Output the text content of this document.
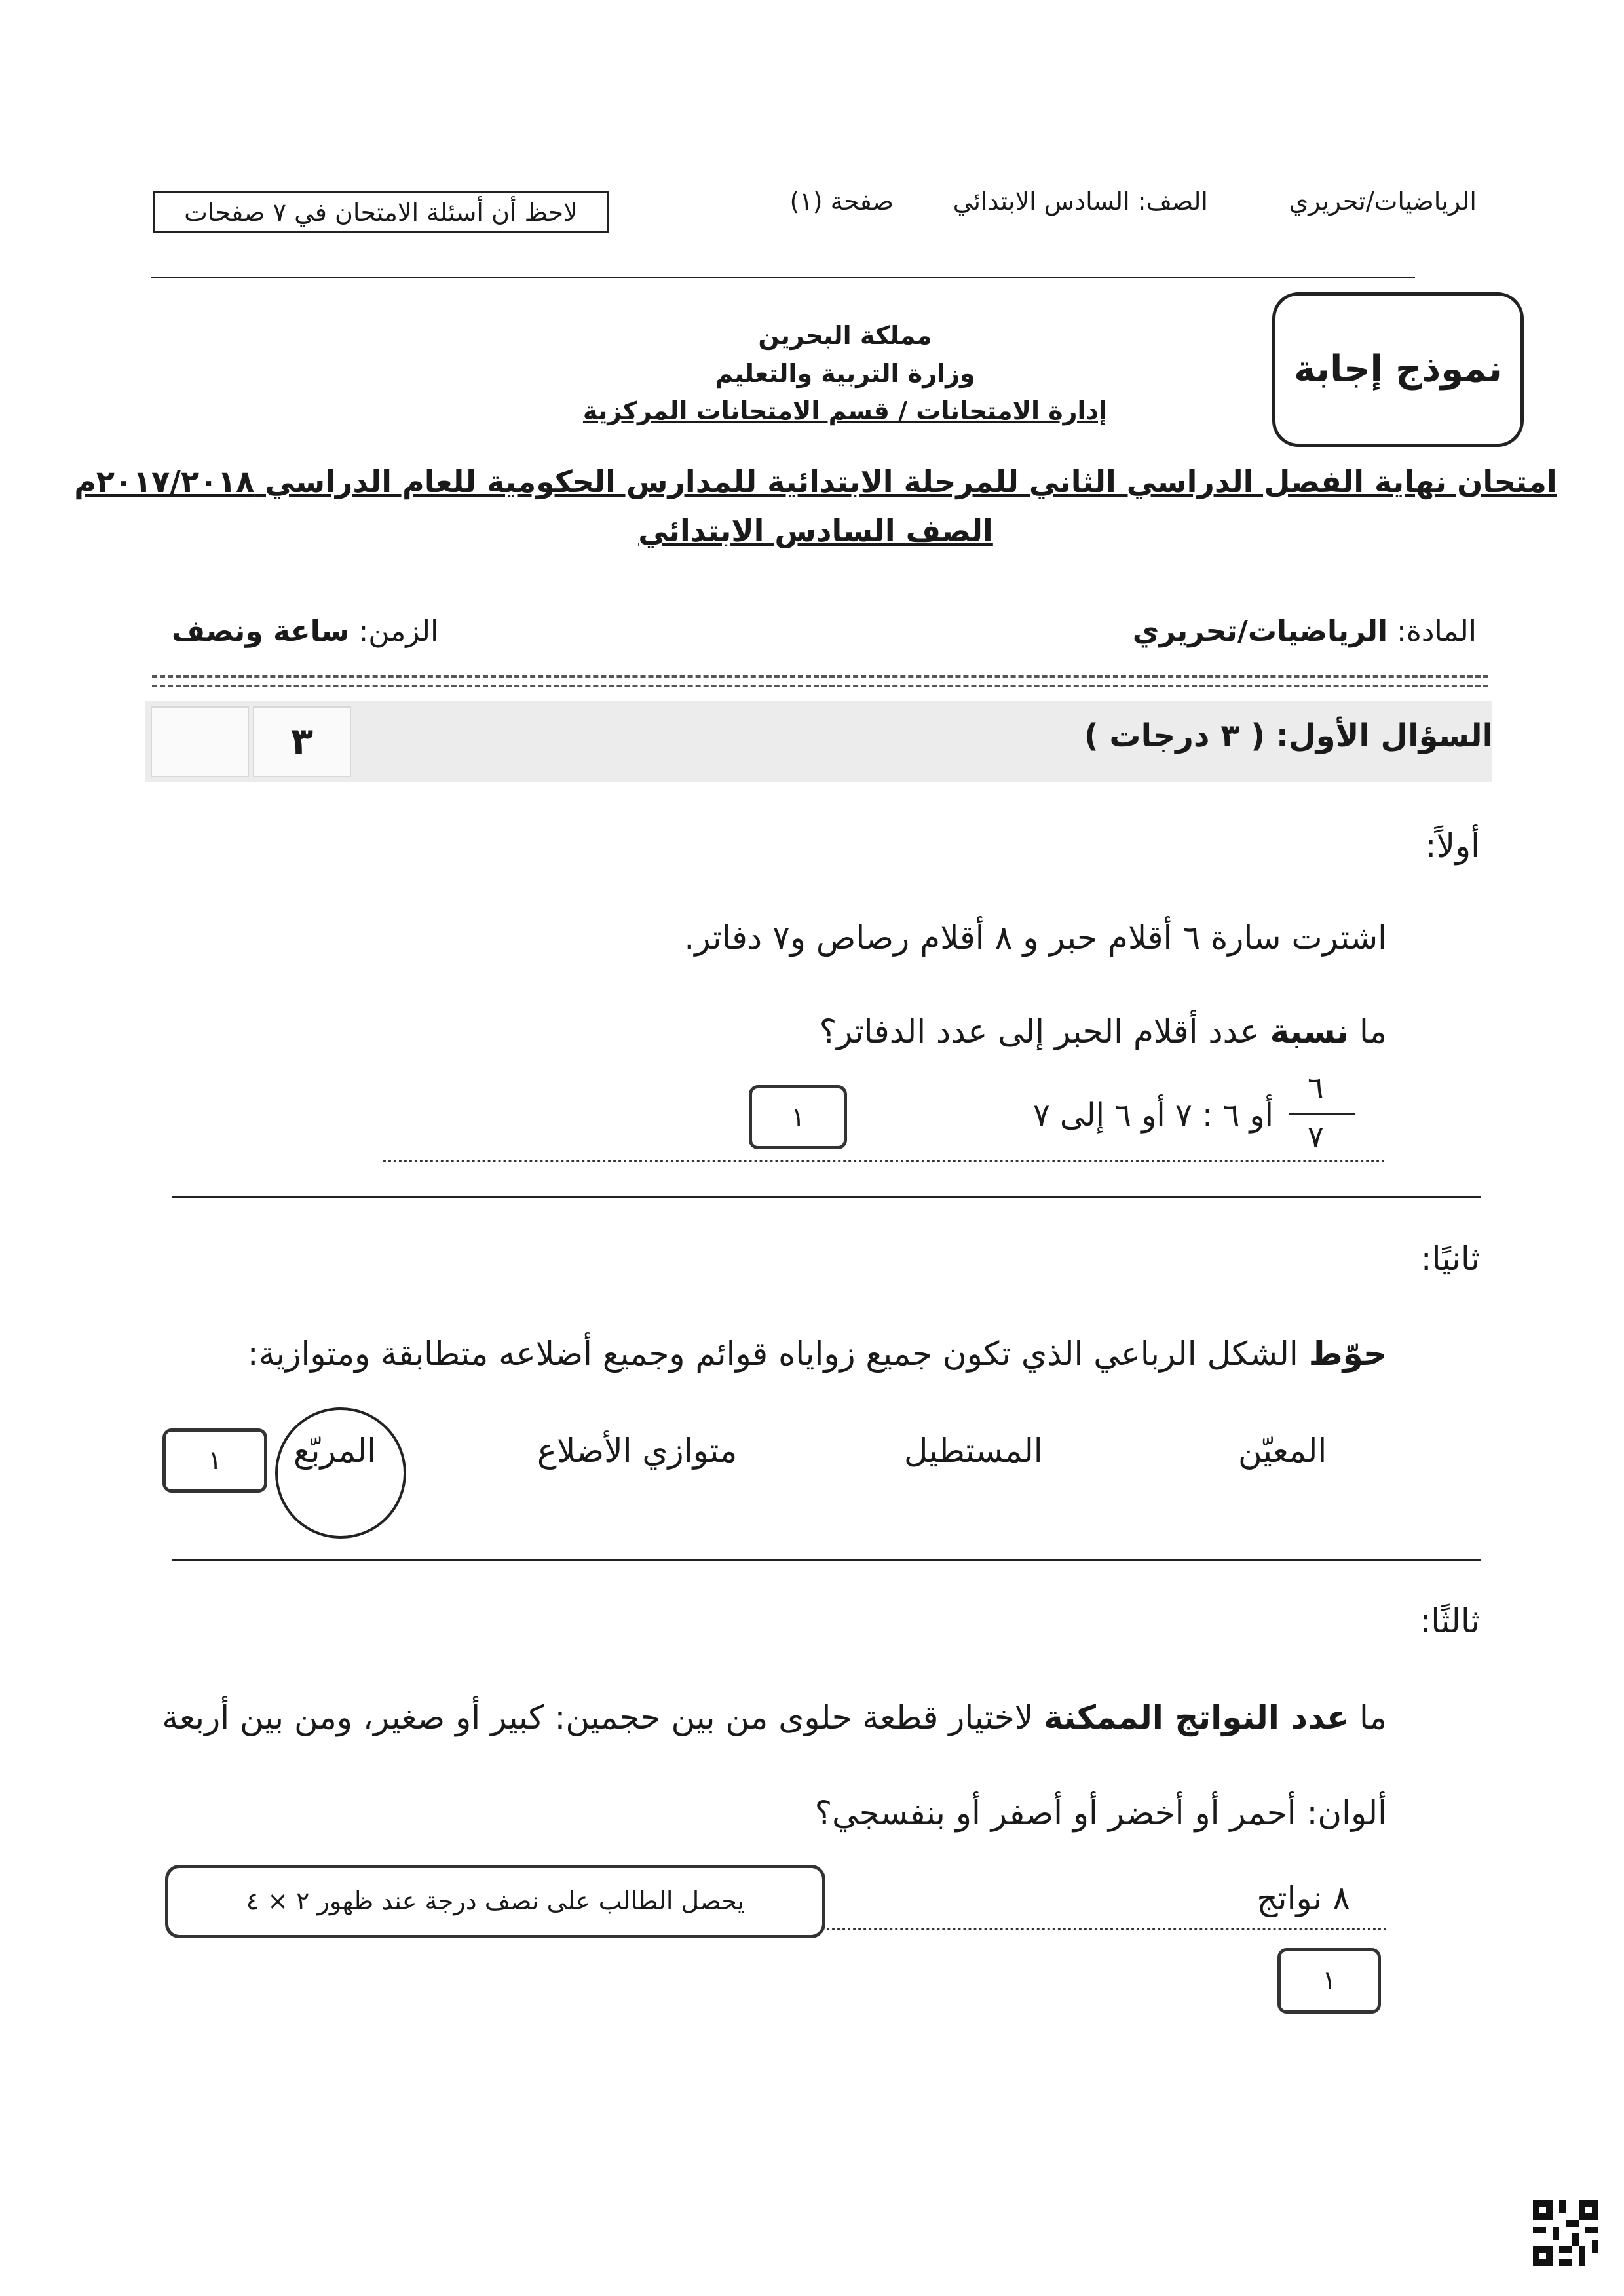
الرياضيات/تحريري
الصف: السادس الابتدائي
صفحة (١)
لاحظ أن أسئلة الامتحان في ٧ صفحات
نموذج إجابة
مملكة البحرين
وزارة التربية والتعليم
إدارة الامتحانات / قسم الامتحانات المركزية
امتحان نهاية الفصل الدراسي الثاني للمرحلة الابتدائية للمدارس الحكومية للعام الدراسي ٢٠١٧/٢٠١٨م
الصف السادس الابتدائي
المادة: الرياضيات/تحريري
الزمن: ساعة ونصف
السؤال الأول: ( ٣ درجات )
٣
أولاً:
اشترت سارة ٦ أقلام حبر و ٨ أقلام رصاص و٧ دفاتر.
ما نسبة عدد أقلام الحبر إلى عدد الدفاتر؟
٦
٧
أو ٦ : ٧ أو ٦ إلى ٧
١
ثانيًا:
حوّط الشكل الرباعي الذي تكون جميع زواياه قوائم وجميع أضلاعه متطابقة ومتوازية:
المعيّن
المستطيل
متوازي الأضلاع
المربّع
١
ثالثًا:
ما عدد النواتج الممكنة لاختيار قطعة حلوى من بين حجمين: كبير أو صغير، ومن بين أربعة
ألوان: أحمر أو أخضر أو أصفر أو بنفسجي؟
يحصل الطالب على نصف درجة عند ظهور ٢ × ٤	٨ نواتج
١
